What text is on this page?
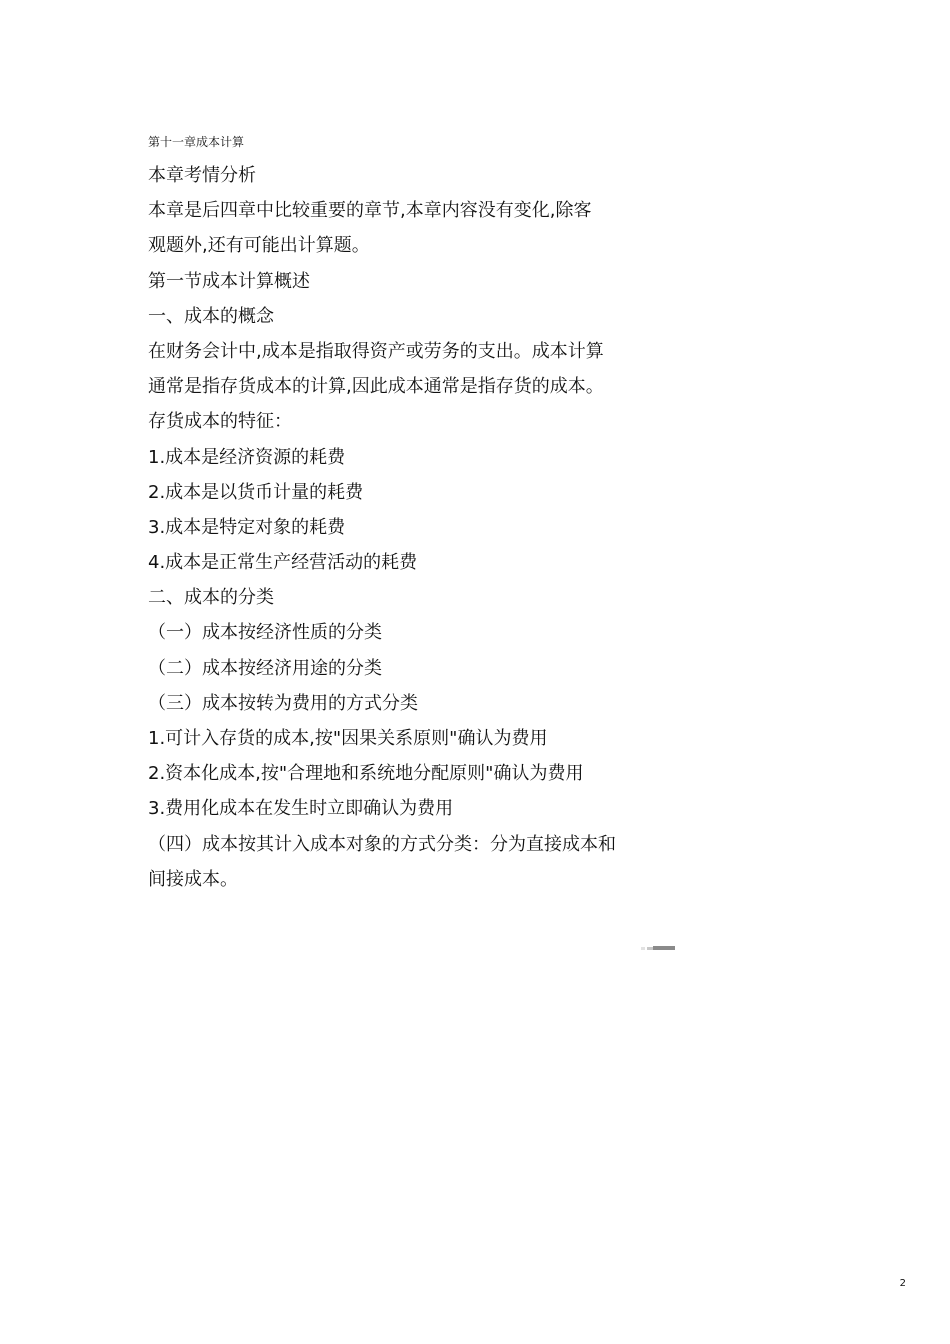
第十一章成本计算
本章考情分析
本章是后四章中比较重要的章节,本章内容没有变化,除客
观题外,还有可能出计算题。
第一节成本计算概述
一、成本的概念
在财务会计中,成本是指取得资产或劳务的支出。成本计算
通常是指存货成本的计算,因此成本通常是指存货的成本。
存货成本的特征：
1.成本是经济资源的耗费
2.成本是以货币计量的耗费
3.成本是特定对象的耗费
4.成本是正常生产经营活动的耗费
二、成本的分类
（一）成本按经济性质的分类
（二）成本按经济用途的分类
（三）成本按转为费用的方式分类
1.可计入存货的成本,按"因果关系原则"确认为费用
2.资本化成本,按"合理地和系统地分配原则"确认为费用
3.费用化成本在发生时立即确认为费用
（四）成本按其计入成本对象的方式分类：分为直接成本和
间接成本。
2
